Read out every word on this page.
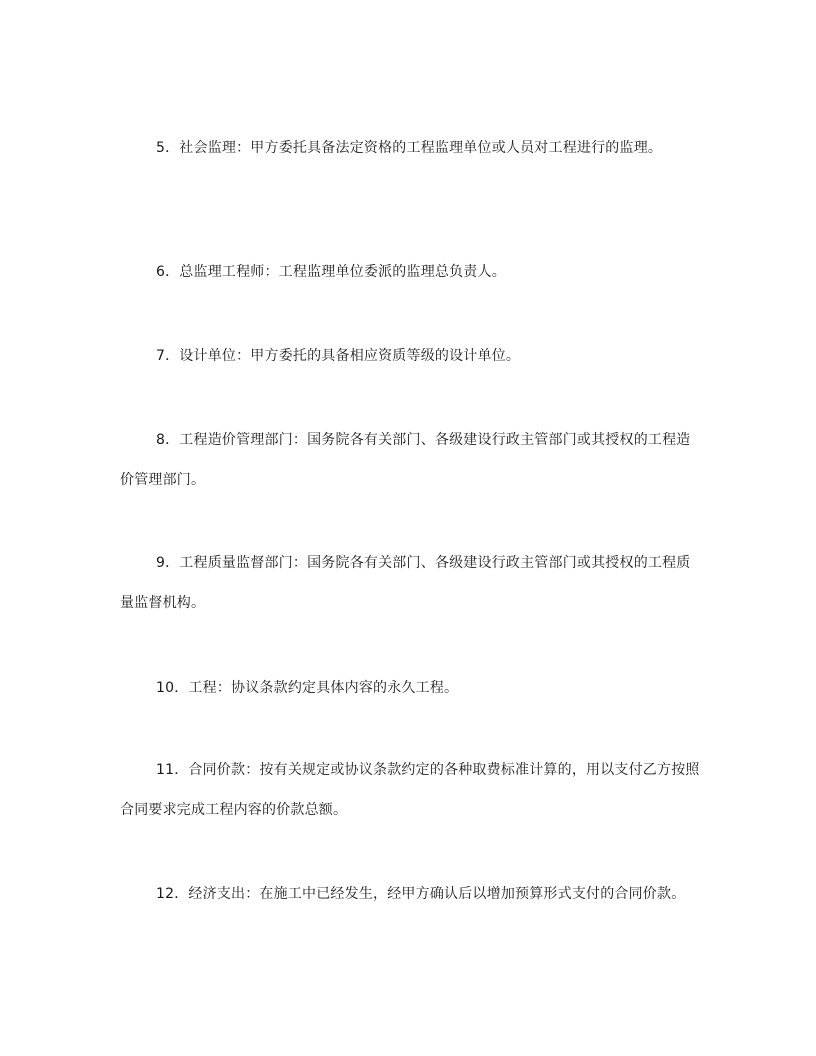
5．社会监理：甲方委托具备法定资格的工程监理单位或人员对工程进行的监理。

6．总监理工程师：工程监理单位委派的监理总负责人。

7．设计单位：甲方委托的具备相应资质等级的设计单位。

8．工程造价管理部门：国务院各有关部门、各级建设行政主管部门或其授权的工程造价管理部门。

9．工程质量监督部门：国务院各有关部门、各级建设行政主管部门或其授权的工程质量监督机构。

10．工程：协议条款约定具体内容的永久工程。

11．合同价款：按有关规定或协议条款约定的各种取费标准计算的，用以支付乙方按照合同要求完成工程内容的价款总额。

12．经济支出：在施工中已经发生，经甲方确认后以增加预算形式支付的合同价款。
